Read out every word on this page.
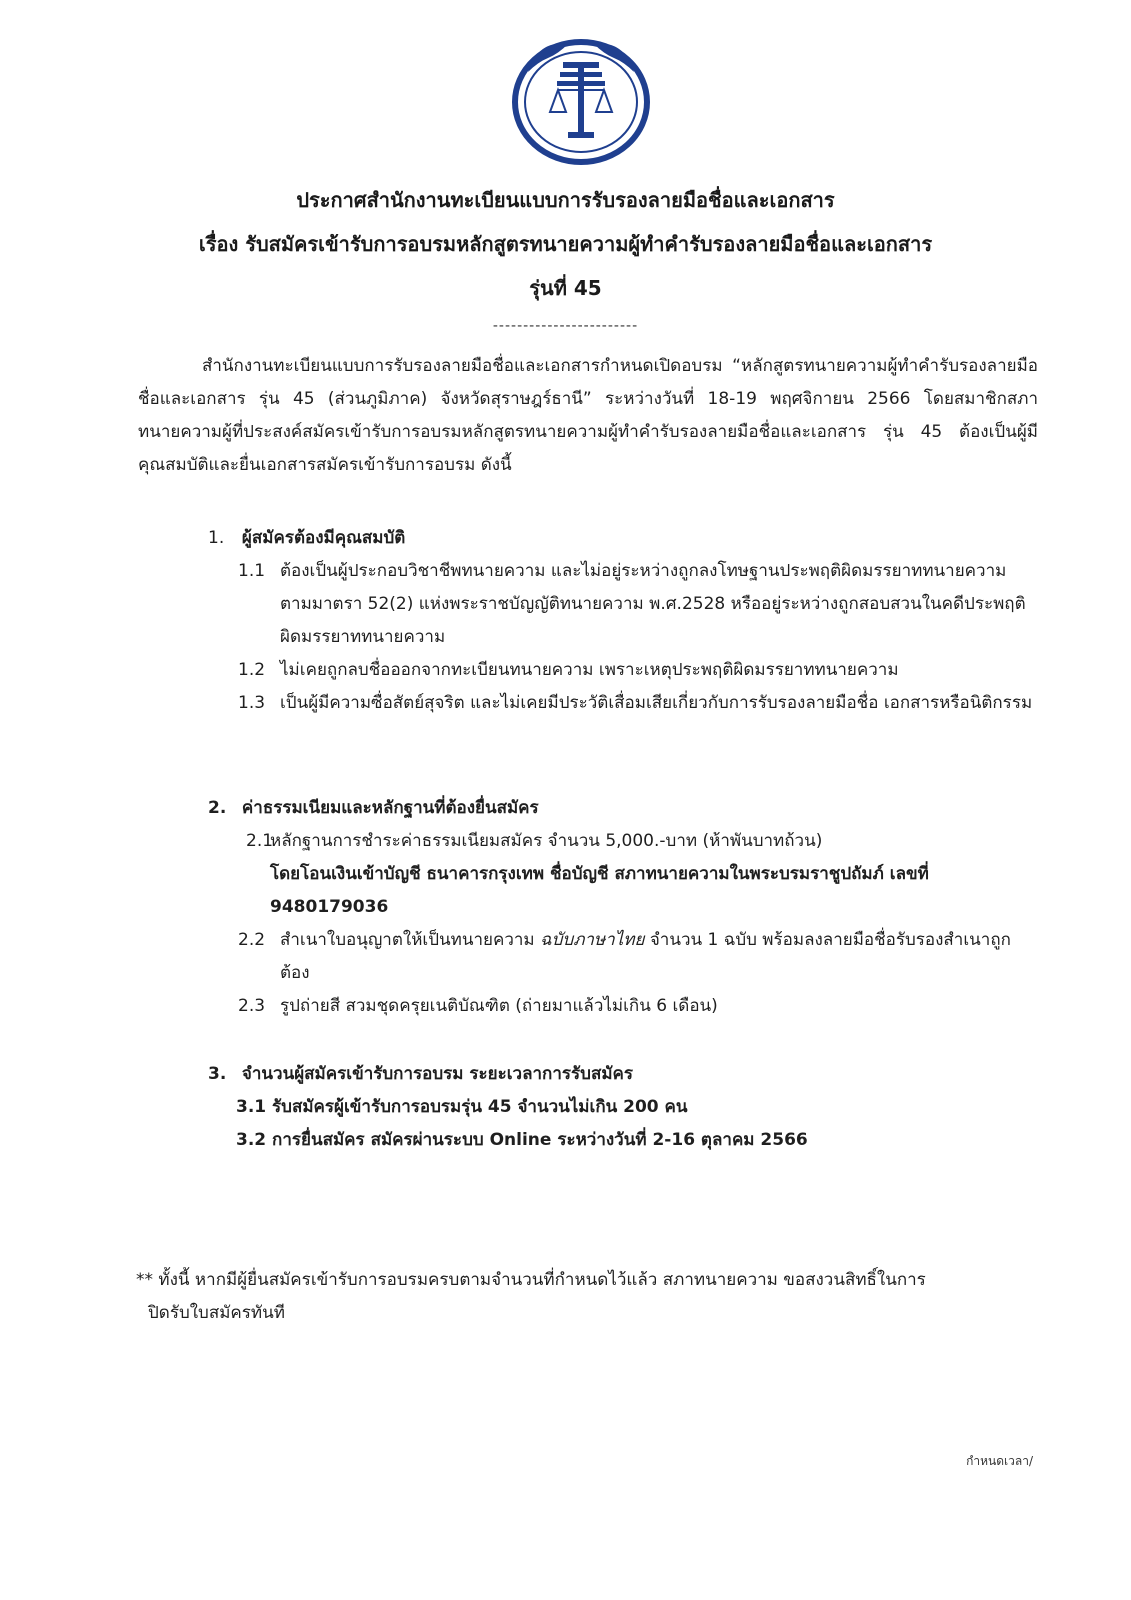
ประกาศสำนักงานทะเบียนแบบการรับรองลายมือชื่อและเอกสาร
เรื่อง รับสมัครเข้ารับการอบรมหลักสูตรทนายความผู้ทำคำรับรองลายมือชื่อและเอกสาร
รุ่นที่ 45
------------------------
สำนักงานทะเบียนแบบการรับรองลายมือชื่อและเอกสารกำหนดเปิดอบรม “หลักสูตรทนายความผู้ทำคำรับรองลายมือชื่อและเอกสาร รุ่น 45 (ส่วนภูมิภาค) จังหวัดสุราษฎร์ธานี” ระหว่างวันที่ 18-19 พฤศจิกายน 2566 โดยสมาชิกสภาทนายความผู้ที่ประสงค์สมัครเข้ารับการอบรมหลักสูตรทนายความผู้ทำคำรับรองลายมือชื่อและเอกสาร รุ่น 45 ต้องเป็นผู้มีคุณสมบัติและยื่นเอกสารสมัครเข้ารับการอบรม ดังนี้
1. ผู้สมัครต้องมีคุณสมบัติ
1.1 ต้องเป็นผู้ประกอบวิชาชีพทนายความ และไม่อยู่ระหว่างถูกลงโทษฐานประพฤติผิดมรรยาททนายความ ตามมาตรา 52(2) แห่งพระราชบัญญัติทนายความ พ.ศ.2528 หรืออยู่ระหว่างถูกสอบสวนในคดีประพฤติผิดมรรยาททนายความ
1.2 ไม่เคยถูกลบชื่อออกจากทะเบียนทนายความ เพราะเหตุประพฤติผิดมรรยาททนายความ
1.3 เป็นผู้มีความซื่อสัตย์สุจริต และไม่เคยมีประวัติเสื่อมเสียเกี่ยวกับการรับรองลายมือชื่อ เอกสารหรือนิติกรรม
2. ค่าธรรมเนียมและหลักฐานที่ต้องยื่นสมัคร
2.1
หลักฐานการชำระค่าธรรมเนียมสมัคร จำนวน 5,000.-บาท (ห้าพันบาทถ้วน)
โดยโอนเงินเข้าบัญชี ธนาคารกรุงเทพ ชื่อบัญชี สภาทนายความในพระบรมราชูปถัมภ์ เลขที่ 9480179036
2.2 สำเนาใบอนุญาตให้เป็นทนายความ ฉบับภาษาไทย จำนวน 1 ฉบับ พร้อมลงลายมือชื่อรับรองสำเนาถูกต้อง
2.3 รูปถ่ายสี สวมชุดครุยเนติบัณฑิต (ถ่ายมาแล้วไม่เกิน 6 เดือน)
3. จำนวนผู้สมัครเข้ารับการอบรม ระยะเวลาการรับสมัคร
3.1 รับสมัครผู้เข้ารับการอบรมรุ่น 45 จำนวนไม่เกิน 200 คน
3.2 การยื่นสมัคร สมัครผ่านระบบ Online ระหว่างวันที่ 2-16 ตุลาคม 2566
** ทั้งนี้ หากมีผู้ยื่นสมัครเข้ารับการอบรมครบตามจำนวนที่กำหนดไว้แล้ว สภาทนายความ ขอสงวนสิทธิ์ในการ
ปิดรับใบสมัครทันที
กำหนดเวลา/
